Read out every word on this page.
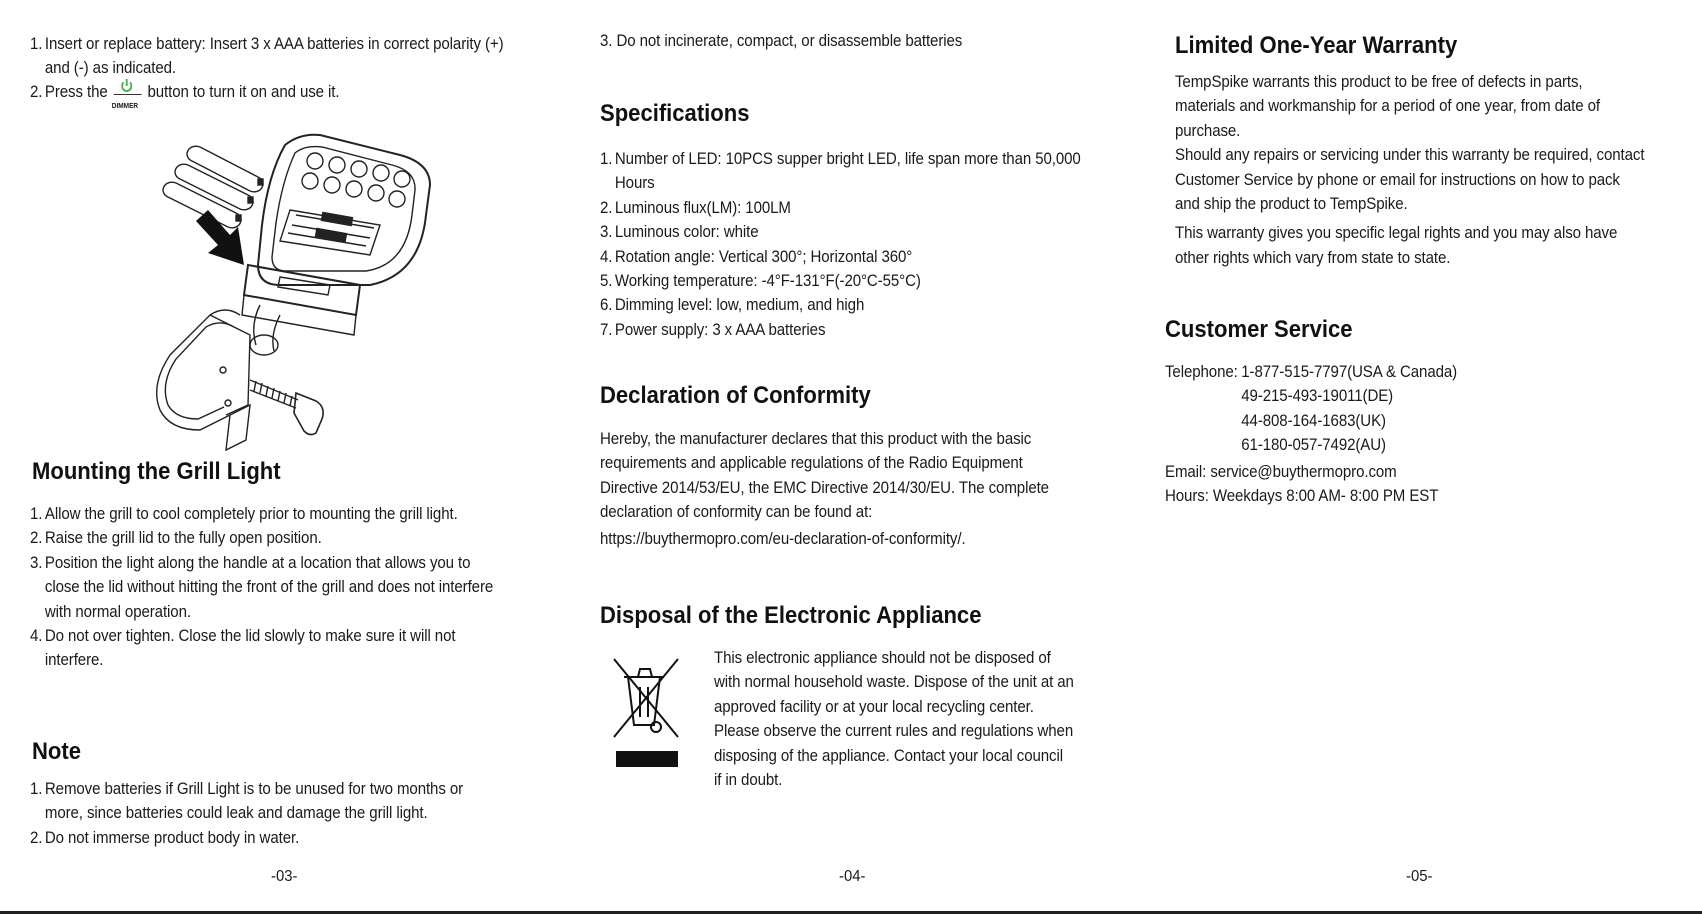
1. Insert or replace battery: Insert 3 x AAA batteries in correct polarity (+)
and (-) as indicated.
2. Press the

DIMMER

button to turn it on and use it.
Mounting the Grill Light
1. Allow the grill to cool completely prior to mounting the grill light.
2. Raise the grill lid to the fully open position.
3. Position the light along the handle at a location that allows you to
close the lid without hitting the front of the grill and does not interfere
with normal operation.
4. Do not over tighten. Close the lid slowly to make sure it will not
interfere.
Note
1. Remove batteries if Grill Light is to be unused for two months or
more, since batteries could leak and damage the grill light.
2. Do not immerse product body in water.
-03-
3. Do not incinerate, compact, or disassemble batteries
Specifications
1. Number of LED: 10PCS supper bright LED, life span more than 50,000
Hours
2. Luminous flux(LM): 100LM
3. Luminous color: white
4. Rotation angle: Vertical 300°; Horizontal 360°
5. Working temperature: -4°F-131°F(-20°C-55°C)
6. Dimming level: low, medium, and high
7. Power supply: 3 x AAA batteries
Declaration of Conformity
Hereby, the manufacturer declares that this product with the basic
requirements and applicable regulations of the Radio Equipment
Directive 2014/53/EU, the EMC Directive 2014/30/EU. The complete
declaration of conformity can be found at:
https://buythermopro.com/eu-declaration-of-conformity/.
Disposal of the Electronic Appliance
This electronic appliance should not be disposed of
with normal household waste. Dispose of the unit at an
approved facility or at your local recycling center.
Please observe the current rules and regulations when
disposing of the appliance. Contact your local council
if in doubt.
-04-
Limited One-Year Warranty
TempSpike warrants this product to be free of defects in parts,
materials and workmanship for a period of one year, from date of
purchase.
Should any repairs or servicing under this warranty be required, contact
Customer Service by phone or email for instructions on how to pack
and ship the product to TempSpike.
This warranty gives you specific legal rights and you may also have
other rights which vary from state to state.
Customer Service
Telephone: 1-877-515-7797(USA & Canada)
49-215-493-19011(DE)
44-808-164-1683(UK)
61-180-057-7492(AU)
Email: service@buythermopro.com
Hours: Weekdays 8:00 AM- 8:00 PM EST
-05-
